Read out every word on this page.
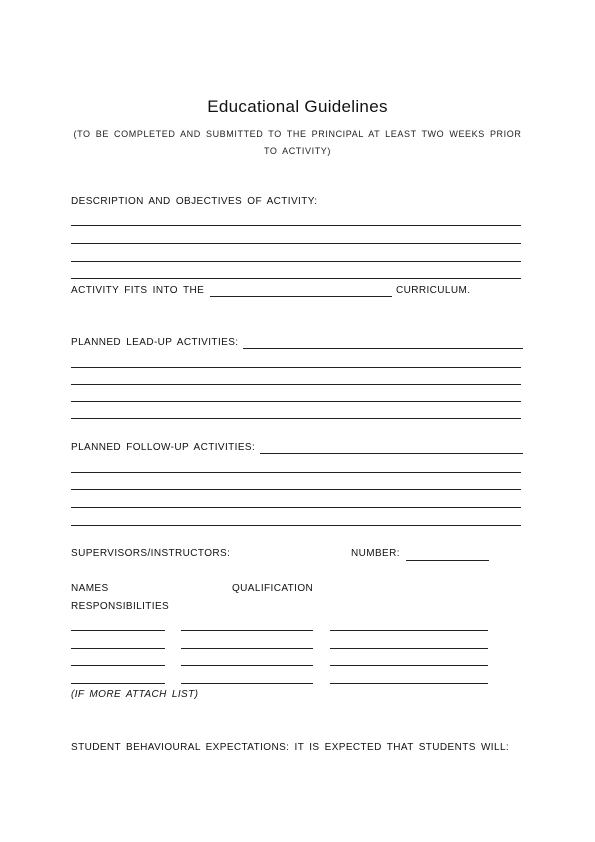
Educational Guidelines
(TO BE COMPLETED AND SUBMITTED TO THE PRINCIPAL AT LEAST TWO WEEKS PRIOR TO ACTIVITY)
DESCRIPTION AND OBJECTIVES OF ACTIVITY:
ACTIVITY FITS INTO THE	CURRICULUM.
PLANNED LEAD-UP ACTIVITIES:
PLANNED FOLLOW-UP ACTIVITIES:
SUPERVISORS/INSTRUCTORS:	NUMBER:
NAMES	QUALIFICATION
RESPONSIBILITIES
(IF MORE ATTACH LIST)
STUDENT BEHAVIOURAL EXPECTATIONS: IT IS EXPECTED THAT STUDENTS WILL:
